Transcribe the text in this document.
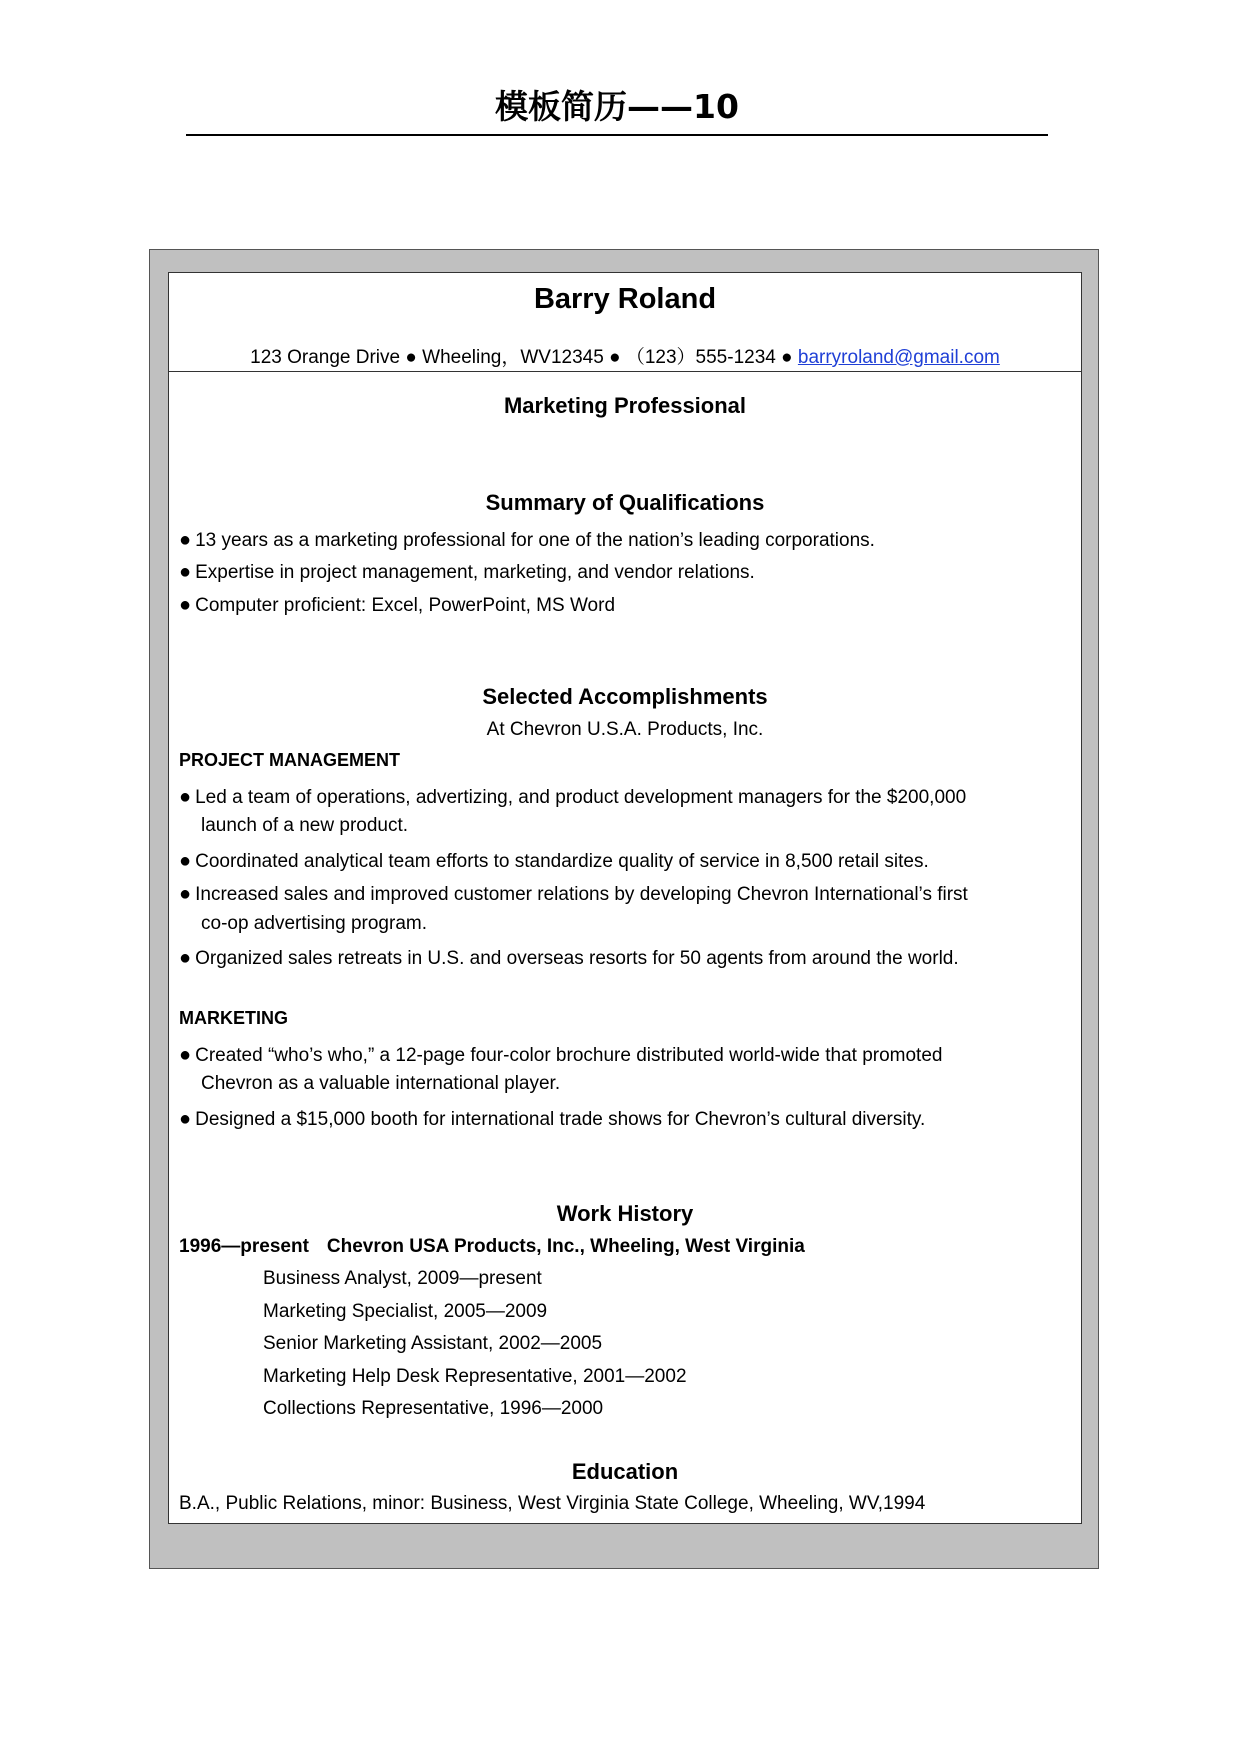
模板简历——10
Barry Roland
123 Orange Drive ● Wheeling，WV12345 ● （123）555-1234 ● barryroland@gmail.com
Marketing Professional
Summary of Qualifications
● 13 years as a marketing professional for one of the nation’s leading corporations.
● Expertise in project management, marketing, and vendor relations.
● Computer proficient: Excel, PowerPoint, MS Word
Selected Accomplishments
At Chevron U.S.A. Products, Inc.
PROJECT MANAGEMENT
● Led a team of operations, advertizing, and product development managers for the $200,000
launch of a new product.
● Coordinated analytical team efforts to standardize quality of service in 8,500 retail sites.
● Increased sales and improved customer relations by developing Chevron International’s first
co-op advertising program.
● Organized sales retreats in U.S. and overseas resorts for 50 agents from around the world.
MARKETING
● Created “who’s who,” a 12-page four-color brochure distributed world-wide that promoted
Chevron as a valuable international player.
● Designed a $15,000 booth for international trade shows for Chevron’s cultural diversity.
Work History
1996—present Chevron USA Products, Inc., Wheeling, West Virginia
Business Analyst, 2009—present
Marketing Specialist, 2005—2009
Senior Marketing Assistant, 2002—2005
Marketing Help Desk Representative, 2001—2002
Collections Representative, 1996—2000
Education
B.A., Public Relations, minor: Business, West Virginia State College, Wheeling, WV,1994
